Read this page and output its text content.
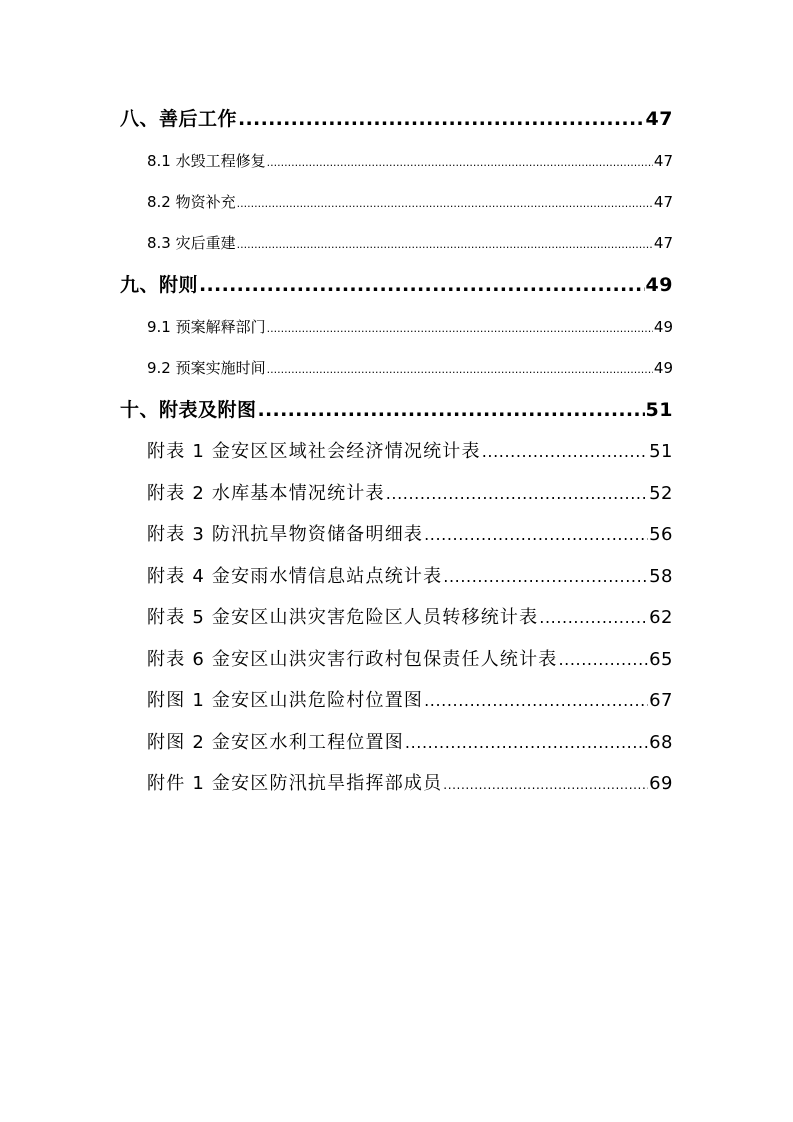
八、善后工作 .....	47
8.1 水毁工程修复 .....	47
8.2 物资补充 .....	47
8.3 灾后重建 .....	47
九、附则 .....	49
9.1 预案解释部门 .....	49
9.2 预案实施时间 .....	49
十、附表及附图 .....	51
附表 1 金安区区域社会经济情况统计表 .....	51
附表 2 水库基本情况统计表 .....	52
附表 3 防汛抗旱物资储备明细表 .....	56
附表 4 金安雨水情信息站点统计表 .....	58
附表 5 金安区山洪灾害危险区人员转移统计表 .....	62
附表 6 金安区山洪灾害行政村包保责任人统计表 .....	65
附图 1 金安区山洪危险村位置图 .....	67
附图 2 金安区水利工程位置图 .....	68
附件 1 金安区防汛抗旱指挥部成员 .....	69
